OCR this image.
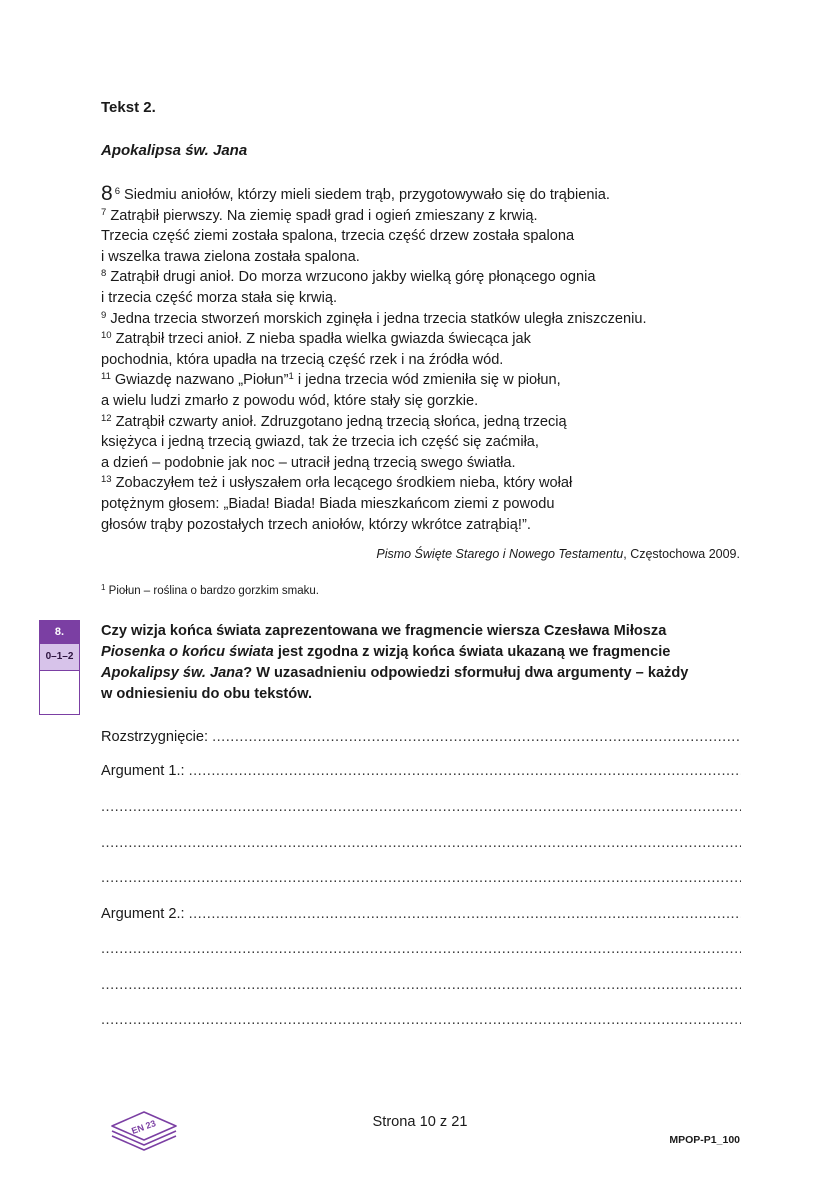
Tekst 2.
Apokalipsa św. Jana
8 $^6$ Siedmiu aniołów, którzy mieli siedem trąb, przygotowywało się do trąbienia.
$^7$ Zatrąbił pierwszy. Na ziemię spadł grad i ogień zmieszany z krwią.
Trzecia część ziemi została spalona, trzecia część drzew została spalona
i wszelka trawa zielona została spalona.
$^8$ Zatrąbił drugi anioł. Do morza wrzucono jakby wielką górę płonącego ognia
i trzecia część morza stała się krwią.
$^9$ Jedna trzecia stworzeń morskich zginęła i jedna trzecia statków uległa zniszczeniu.
$^{10}$ Zatrąbił trzeci anioł. Z nieba spadła wielka gwiazda świecąca jak
pochodnia, która upadła na trzecią część rzek i na źródła wód.
$^{11}$ Gwiazdę nazwano „Piołun”$^1$ i jedna trzecia wód zmieniła się w piołun,
a wielu ludzi zmarło z powodu wód, które stały się gorzkie.
$^{12}$ Zatrąbił czwarty anioł. Zdruzgotano jedną trzecią słońca, jedną trzecią
księżyca i jedną trzecią gwiazd, tak że trzecia ich część się zaćmiła,
a dzień – podobnie jak noc – utracił jedną trzecią swego światła.
$^{13}$ Zobaczyłem też i usłyszałem orła lecącego środkiem nieba, który wołał
potężnym głosem: „Biada! Biada! Biada mieszkańcom ziemi z powodu
głosów trąby pozostałych trzech aniołów, którzy wkrótce zatrąbią!”.
Pismo Święte Starego i Nowego Testamentu, Częstochowa 2009.
$^1$ Piołun – roślina o bardzo gorzkim smaku.
8.
0–1–2
Czy wizja końca świata zaprezentowana we fragmencie wiersza Czesława Miłosza
Piosenka o końcu świata jest zgodna z wizją końca świata ukazaną we fragmencie
Apokalipsy św. Jana? W uzasadnieniu odpowiedzi sformułuj dwa argumenty – każdy
w odniesieniu do obu tekstów.
Rozstrzygnięcie:
.....
Argument 1.:
.....
.....
.....
.....
Argument 2.:
.....
.....
.....
.....
EN 23	Strona 10 z 21
MPOP-P1_100
